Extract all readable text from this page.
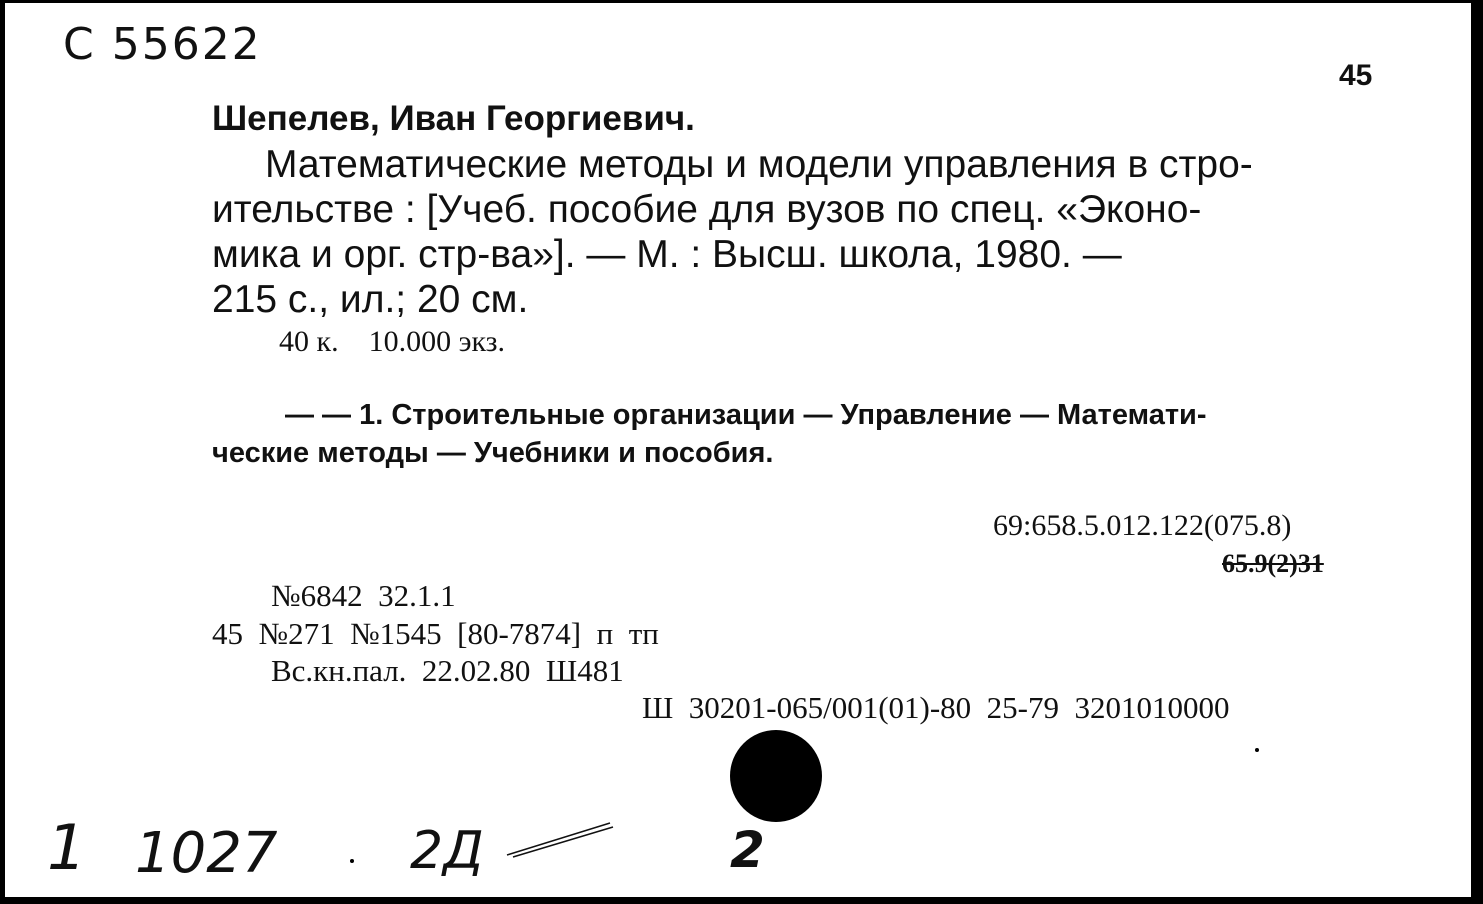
С 55622
45
Шепелев, Иван Георгиевич.
Математические методы и модели управления в стро-
ительстве : [Учеб. пособие для вузов по спец. «Эконо-
мика и орг. стр-ва»]. — М. : Высш. школа, 1980. —
215 с., ил.; 20 см.
40 к.    10.000 экз.
— — 1. Строительные организации — Управление — Математи-
ческие методы — Учебники и пособия.
69:658.5.012.122(075.8)
65.9(2)31
№6842  32.1.1
45  №271  №1545  [80-7874]  п  тп
Вс.кн.пал.  22.02.80  Ш481
Ш  30201-065/001(01)-80  25-79  3201010000
1 1027	2Д	2
